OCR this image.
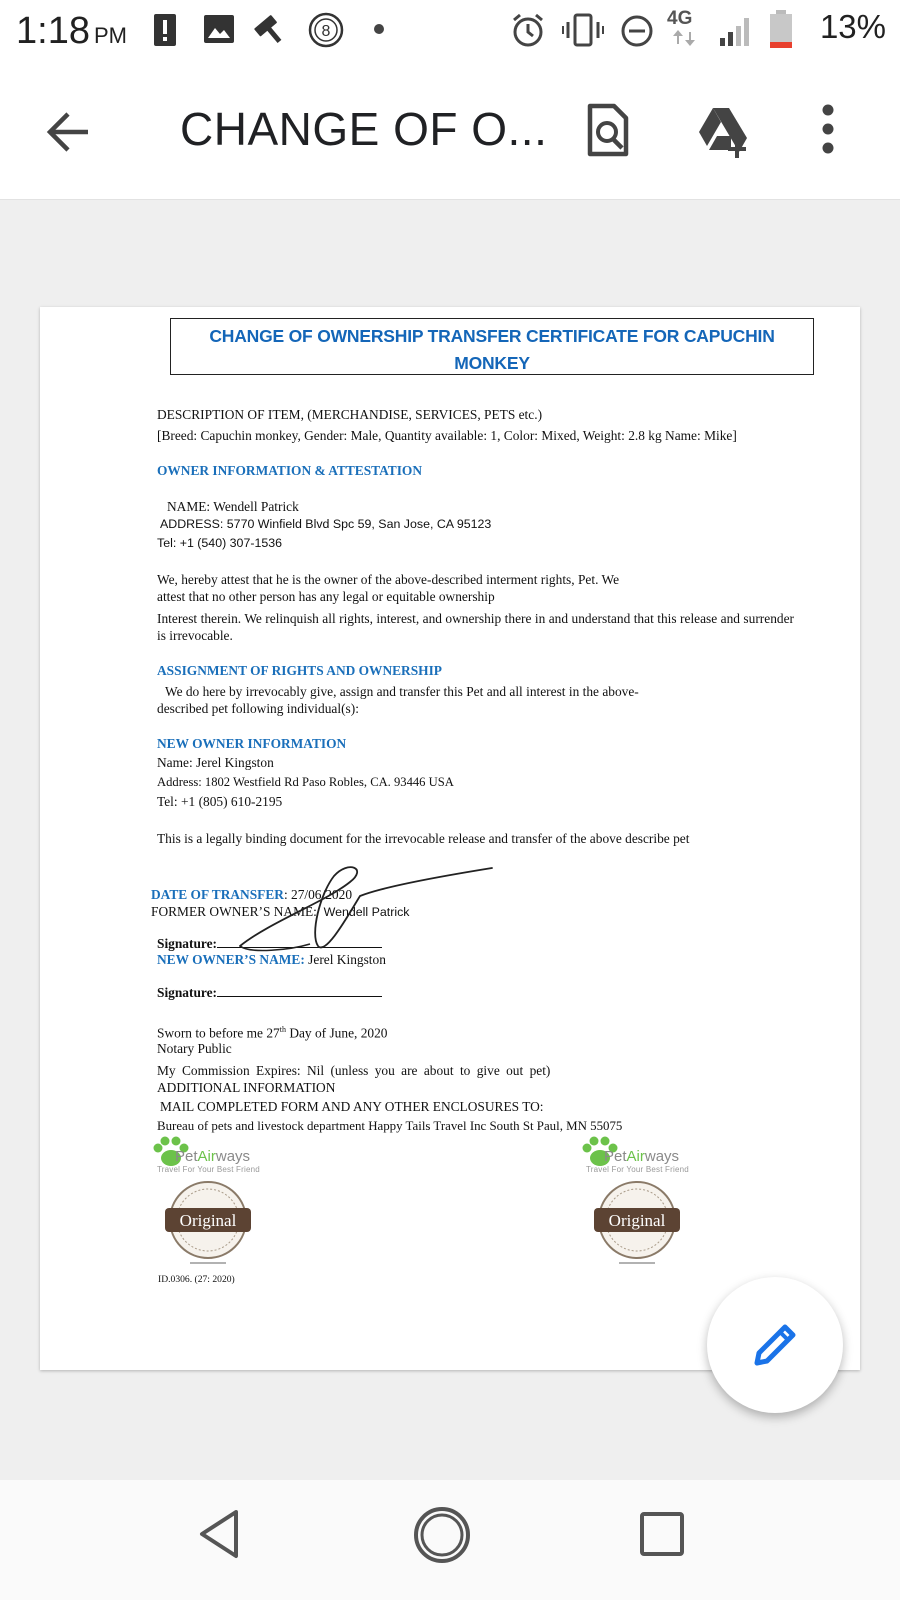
1:18 PM	8
4G	13%
CHANGE OF O...
CHANGE OF OWNERSHIP TRANSFER CERTIFICATE FOR CAPUCHIN MONKEY
DESCRIPTION OF ITEM, (MERCHANDISE, SERVICES, PETS etc.)
[Breed: Capuchin monkey, Gender: Male, Quantity available: 1, Color: Mixed, Weight: 2.8 kg Name: Mike]
OWNER INFORMATION & ATTESTATION
NAME: Wendell Patrick
ADDRESS: 5770 Winfield Blvd Spc 59, San Jose, CA 95123
Tel: +1 (540) 307-1536
We, hereby attest that he is the owner of the above-described interment rights, Pet. We
attest that no other person has any legal or equitable ownership
Interest therein. We relinquish all rights, interest, and ownership there in and understand that this release and surrender is irrevocable.
ASSIGNMENT OF RIGHTS AND OWNERSHIP
We do here by irrevocably give, assign and transfer this Pet and all interest in the above-
described pet following individual(s):
NEW OWNER INFORMATION
Name: Jerel Kingston
Address: 1802 Westfield Rd Paso Robles, CA. 93446 USA
Tel: +1 (805) 610-2195
This is a legally binding document for the irrevocable release and transfer of the above describe pet
DATE OF TRANSFER: 27/06/2020
FORMER OWNER’S NAME: Wendell Patrick
Signature:
NEW OWNER’S NAME: Jerel Kingston
Signature:
Sworn to before me 27th Day of June, 2020
Notary Public
My Commission Expires: Nil (unless you are about to give out pet)
ADDITIONAL INFORMATION
MAIL COMPLETED FORM AND ANY OTHER ENCLOSURES TO:
Bureau of pets and livestock department Happy Tails Travel Inc South St Paul, MN 55075
PetAirways
Travel For Your Best Friend
PetAirways
Travel For Your Best Friend
Original	Original
ID.0306. (27: 2020)
